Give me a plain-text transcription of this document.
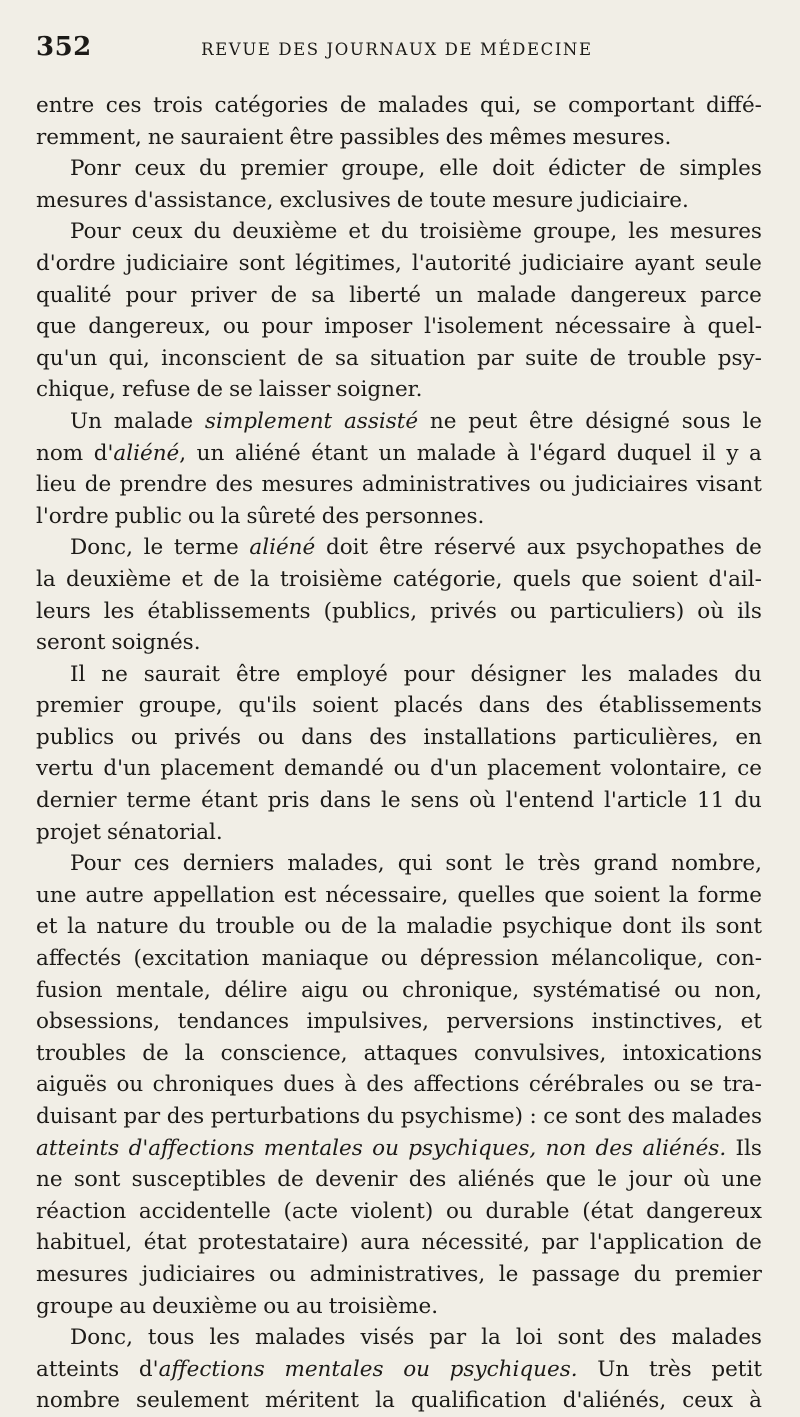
352	REVUE DES JOURNAUX DE MÉDECINE
entre ces trois catégories de malades qui, se comportant diffé-
remment, ne sauraient être passibles des mêmes mesures.
Ponr ceux du premier groupe, elle doit édicter de simples
mesures d'assistance, exclusives de toute mesure judiciaire.
Pour ceux du deuxième et du troisième groupe, les mesures
d'ordre judiciaire sont légitimes, l'autorité judiciaire ayant seule
qualité pour priver de sa liberté un malade dangereux parce
que dangereux, ou pour imposer l'isolement nécessaire à quel-
qu'un qui, inconscient de sa situation par suite de trouble psy-
chique, refuse de se laisser soigner.
Un malade simplement assisté ne peut être désigné sous le
nom d'aliéné, un aliéné étant un malade à l'égard duquel il y a
lieu de prendre des mesures administratives ou judiciaires visant
l'ordre public ou la sûreté des personnes.
Donc, le terme aliéné doit être réservé aux psychopathes de
la deuxième et de la troisième catégorie, quels que soient d'ail-
leurs les établissements (publics, privés ou particuliers) où ils
seront soignés.
Il ne saurait être employé pour désigner les malades du
premier groupe, qu'ils soient placés dans des établissements
publics ou privés ou dans des installations particulières, en
vertu d'un placement demandé ou d'un placement volontaire, ce
dernier terme étant pris dans le sens où l'entend l'article 11 du
projet sénatorial.
Pour ces derniers malades, qui sont le très grand nombre,
une autre appellation est nécessaire, quelles que soient la forme
et la nature du trouble ou de la maladie psychique dont ils sont
affectés (excitation maniaque ou dépression mélancolique, con-
fusion mentale, délire aigu ou chronique, systématisé ou non,
obsessions, tendances impulsives, perversions instinctives, et
troubles de la conscience, attaques convulsives, intoxications
aiguës ou chroniques dues à des affections cérébrales ou se tra-
duisant par des perturbations du psychisme) : ce sont des malades
atteints d'affections mentales ou psychiques, non des aliénés. Ils
ne sont susceptibles de devenir des aliénés que le jour où une
réaction accidentelle (acte violent) ou durable (état dangereux
habituel, état protestataire) aura nécessité, par l'application de
mesures judiciaires ou administratives, le passage du premier
groupe au deuxième ou au troisième.
Donc, tous les malades visés par la loi sont des malades
atteints d'affections mentales ou psychiques. Un très petit
nombre seulement méritent la qualification d'aliénés, ceux à
